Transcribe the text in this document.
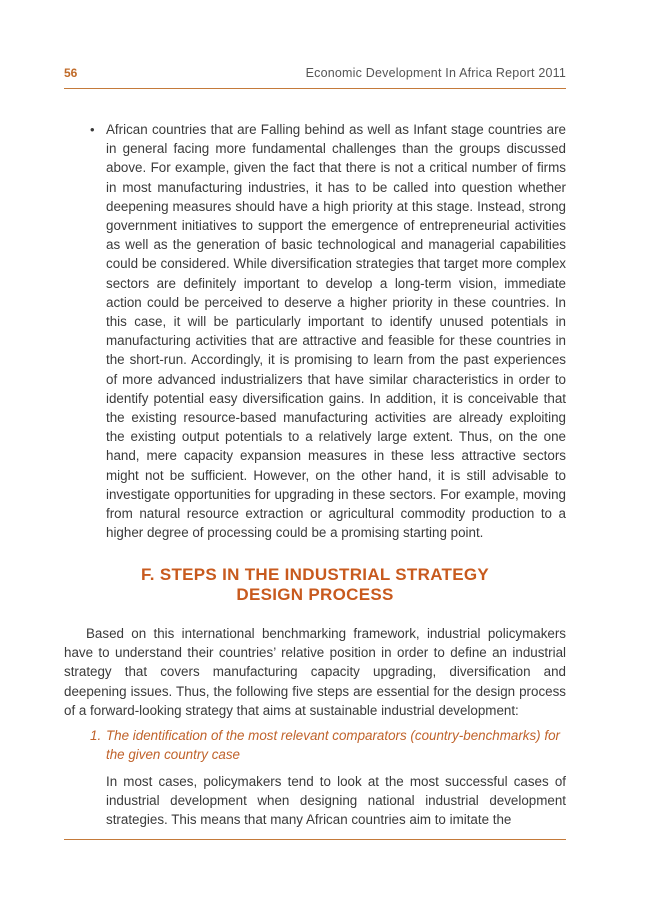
56	Economic Development In Africa Report 2011
• African countries that are Falling behind as well as Infant stage countries are in general facing more fundamental challenges than the groups discussed above. For example, given the fact that there is not a critical number of firms in most manufacturing industries, it has to be called into question whether deepening measures should have a high priority at this stage. Instead, strong government initiatives to support the emergence of entrepreneurial activities as well as the generation of basic technological and managerial capabilities could be considered. While diversification strategies that target more complex sectors are definitely important to develop a long-term vision, immediate action could be perceived to deserve a higher priority in these countries. In this case, it will be particularly important to identify unused potentials in manufacturing activities that are attractive and feasible for these countries in the short-run. Accordingly, it is promising to learn from the past experiences of more advanced industrializers that have similar characteristics in order to identify potential easy diversification gains. In addition, it is conceivable that the existing resource-based manufacturing activities are already exploiting the existing output potentials to a relatively large extent. Thus, on the one hand, mere capacity expansion measures in these less attractive sectors might not be sufficient. However, on the other hand, it is still advisable to investigate opportunities for upgrading in these sectors. For example, moving from natural resource extraction or agricultural commodity production to a higher degree of processing could be a promising starting point.
F. STEPS IN THE INDUSTRIAL STRATEGY
DESIGN PROCESS
Based on this international benchmarking framework, industrial policymakers have to understand their countries’ relative position in order to define an industrial strategy that covers manufacturing capacity upgrading, diversification and deepening issues. Thus, the following five steps are essential for the design process of a forward-looking strategy that aims at sustainable industrial development:
1. The identification of the most relevant comparators (country-benchmarks) for the given country case
In most cases, policymakers tend to look at the most successful cases of industrial development when designing national industrial development strategies. This means that many African countries aim to imitate the
